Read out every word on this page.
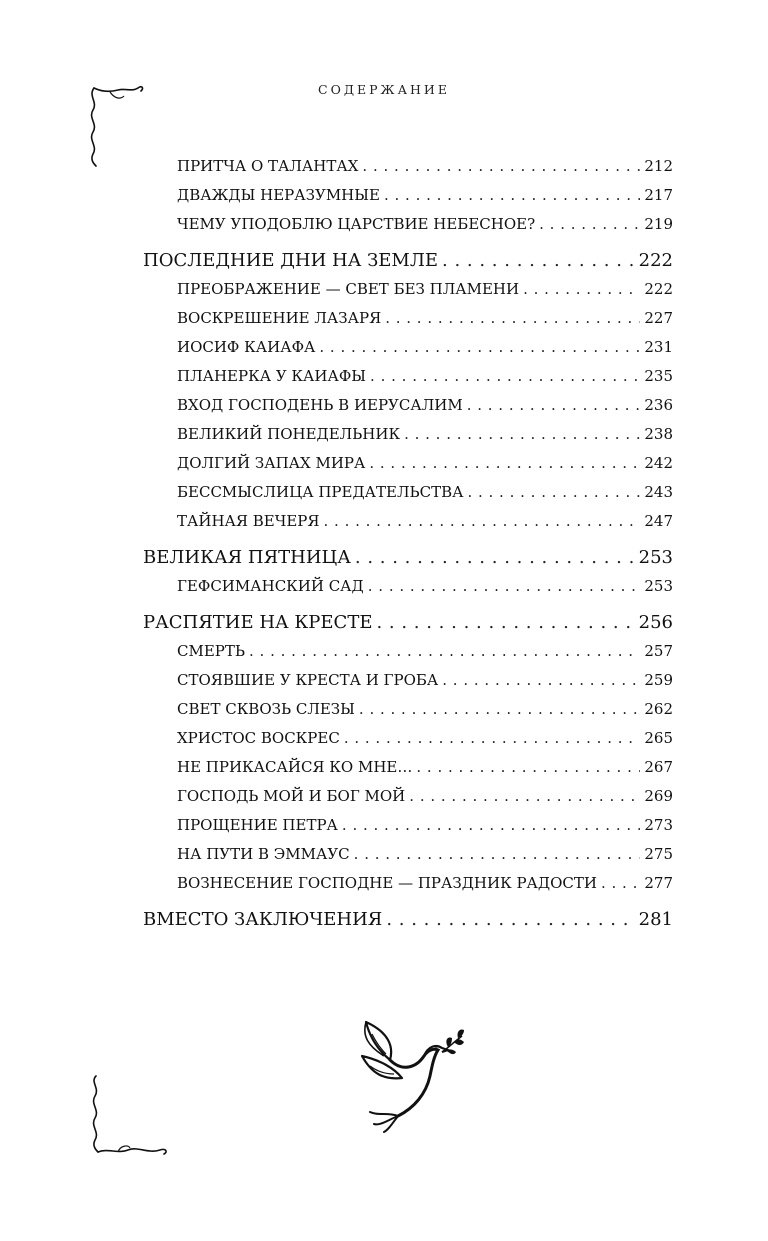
СОДЕРЖАНИЕ
ПРИТЧА О ТАЛАНТАХ . . .	212
ДВАЖДЫ НЕРАЗУМНЫЕ . . .	217
ЧЕМУ УПОДОБЛЮ ЦАРСТВИЕ НЕБЕСНОЕ? . . .	219
ПОСЛЕДНИЕ ДНИ НА ЗЕМЛЕ . . .	222
ПРЕОБРАЖЕНИЕ — СВЕТ БЕЗ ПЛАМЕНИ . . .	222
ВОСКРЕШЕНИЕ ЛАЗАРЯ . . .	227
ИОСИФ КАИАФА . . .	231
ПЛАНЕРКА У КАИАФЫ . . .	235
ВХОД ГОСПОДЕНЬ В ИЕРУСАЛИМ . . .	236
ВЕЛИКИЙ ПОНЕДЕЛЬНИК . . .	238
ДОЛГИЙ ЗАПАХ МИРА . . .	242
БЕССМЫСЛИЦА ПРЕДАТЕЛЬСТВА . . .	243
ТАЙНАЯ ВЕЧЕРЯ . . .	247
ВЕЛИКАЯ ПЯТНИЦА . . .	253
ГЕФСИМАНСКИЙ САД . . .	253
РАСПЯТИЕ НА КРЕСТЕ . . .	256
СМЕРТЬ . . .	257
СТОЯВШИЕ У КРЕСТА И ГРОБА . . .	259
СВЕТ СКВОЗЬ СЛЕЗЫ . . .	262
ХРИСТОС ВОСКРЕС . . .	265
НЕ ПРИКАСАЙСЯ КО МНЕ… . . .	267
ГОСПОДЬ МОЙ И БОГ МОЙ . . .	269
ПРОЩЕНИЕ ПЕТРА . . .	273
НА ПУТИ В ЭММАУС . . .	275
ВОЗНЕСЕНИЕ ГОСПОДНЕ — ПРАЗДНИК РАДОСТИ . . .	277
ВМЕСТО ЗАКЛЮЧЕНИЯ . . .	281
